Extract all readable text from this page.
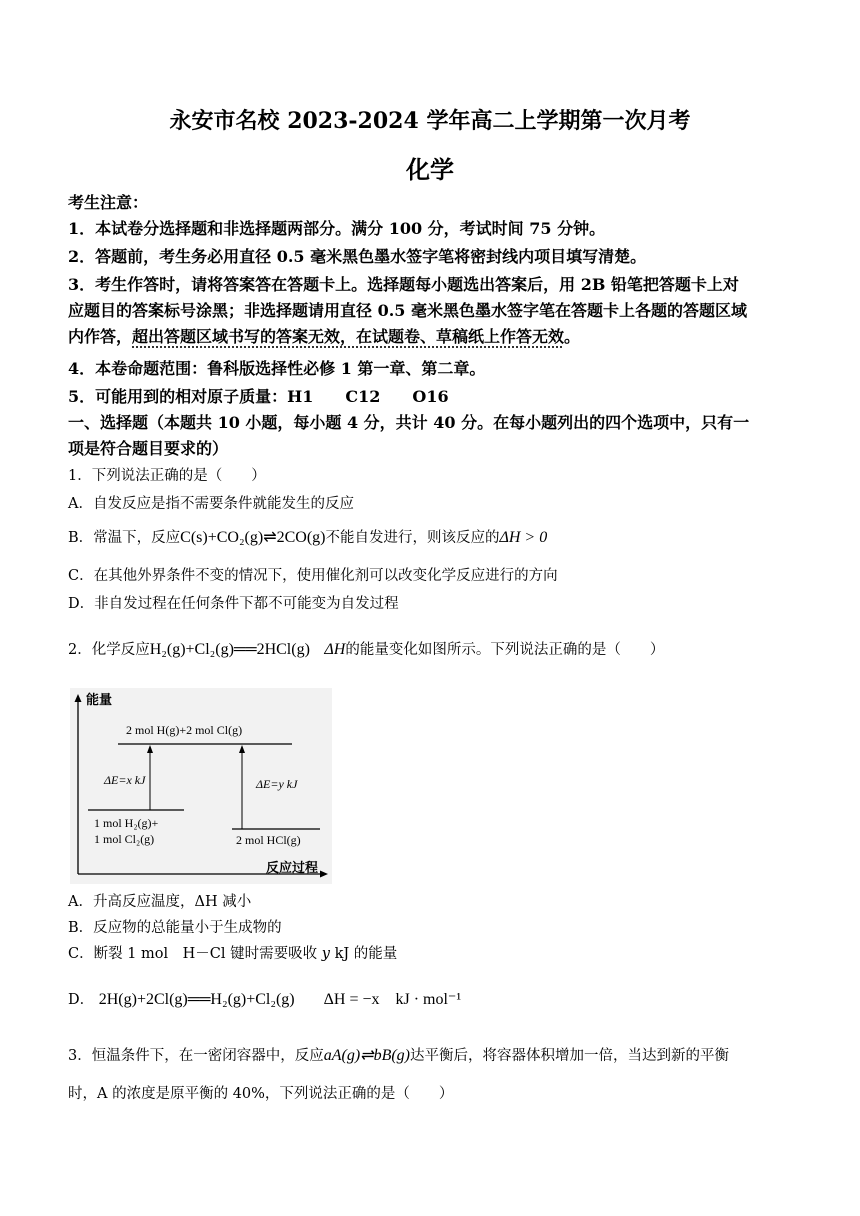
永安市名校 2023-2024 学年高二上学期第一次月考
化学
考生注意：
1．本试卷分选择题和非选择题两部分。满分 100 分，考试时间 75 分钟。
2．答题前，考生务必用直径 0.5 毫米黑色墨水签字笔将密封线内项目填写清楚。
3．考生作答时，请将答案答在答题卡上。选择题每小题选出答案后，用 2B 铅笔把答题卡上对
应题目的答案标号涂黑；非选择题请用直径 0.5 毫米黑色墨水签字笔在答题卡上各题的答题区域
内作答，超出答题区域书写的答案无效，在试题卷、草稿纸上作答无效。
4．本卷命题范围：鲁科版选择性必修 1 第一章、第二章。
5．可能用到的相对原子质量：H1　　C12　　O16
一、选择题（本题共 10 小题，每小题 4 分，共计 40 分。在每小题列出的四个选项中，只有一
项是符合题目要求的）
1．下列说法正确的是（　　）
A．自发反应是指不需要条件就能发生的反应
B．常温下，反应C(s)+CO₂(g)⇌2CO(g)不能自发进行，则该反应的ΔH > 0
C．在其他外界条件不变的情况下，使用催化剂可以改变化学反应进行的方向
D．非自发过程在任何条件下都不可能变为自发过程
2．化学反应H₂(g)+Cl₂(g)══2HCl(g)　 ΔH的能量变化如图所示。下列说法正确的是（　　）
能量
反应过程
2 mol H(g)+2 mol Cl(g)
1 mol H₂(g)+
1 mol Cl₂(g)	2 mol HCl(g)
ΔE=x kJ	ΔE=y kJ
A．升高反应温度，ΔH 减小
B．反应物的总能量小于生成物的
C．断裂 1 mol　H－Cl 键时需要吸收 y kJ 的能量
D． 2H(g)+2Cl(g)══H₂(g)+Cl₂(g)　　 ΔH = −x　kJ · mol⁻¹
3．恒温条件下，在一密闭容器中，反应aA(g)⇌bB(g)达平衡后，将容器体积增加一倍，当达到新的平衡
时，A 的浓度是原平衡的 40%，下列说法正确的是（　　）
